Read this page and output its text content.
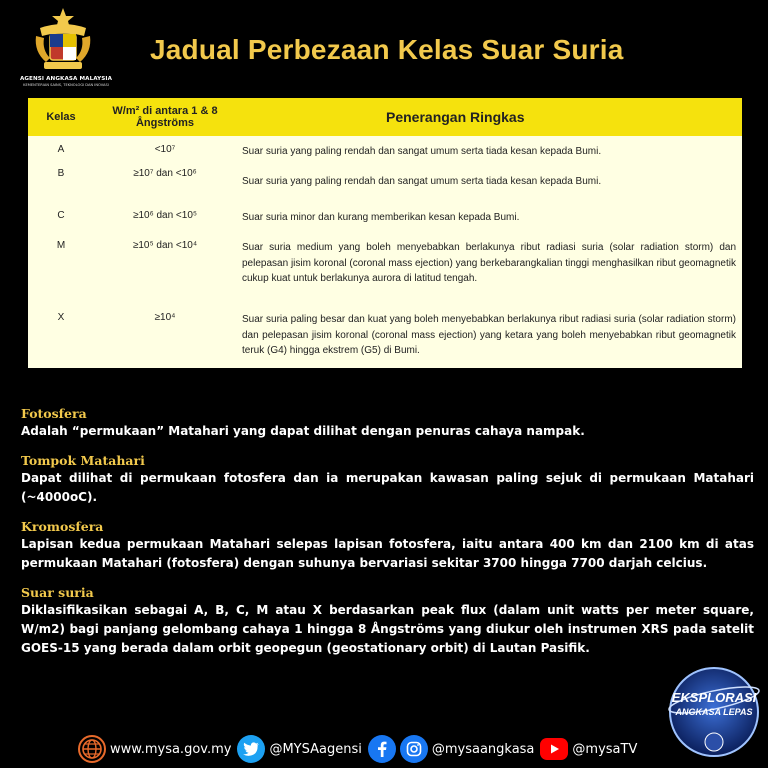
AGENSI ANGKASA MALAYSIA
KEMENTERIAN SAINS, TEKNOLOGI DAN INOVASI
Jadual Perbezaan Kelas Suar Suria
Kelas	W/m² di antara 1 & 8 Ångströms	Penerangan Ringkas
A	<10⁷	Suar suria yang paling rendah dan sangat umum serta tiada kesan kepada Bumi.
B	≥10⁷ dan <10⁶	Suar suria yang paling rendah dan sangat umum serta tiada kesan kepada Bumi.
C	≥10⁶ dan <10⁵	Suar suria minor dan kurang memberikan kesan kepada Bumi.
M	≥10⁵ dan <10⁴	Suar suria medium yang boleh menyebabkan berlakunya ribut radiasi suria (solar radiation storm) dan pelepasan jisim koronal (coronal mass ejection) yang berkebarangkalian tinggi menghasilkan ribut geomagnetik cukup kuat untuk berlakunya aurora di latitud tengah.
X	≥10⁴	Suar suria paling besar dan kuat yang boleh menyebabkan berlakunya ribut radiasi suria (solar radiation storm) dan pelepasan jisim koronal (coronal mass ejection) yang ketara yang boleh menyebabkan ribut geomagnetik teruk (G4) hingga ekstrem (G5) di Bumi.
Fotosfera
Adalah “permukaan” Matahari yang dapat dilihat dengan penuras cahaya nampak.
Tompok Matahari
Dapat dilihat di permukaan fotosfera dan ia merupakan kawasan paling sejuk di permukaan Matahari (~4000oC).
Kromosfera
Lapisan kedua permukaan Matahari selepas lapisan fotosfera, iaitu antara 400 km dan 2100 km di atas permukaan Matahari (fotosfera) dengan suhunya bervariasi sekitar 3700 hingga 7700 darjah celcius.
Suar suria
Diklasifikasikan sebagai A, B, C, M atau X berdasarkan peak flux (dalam unit watts per meter square, W/m2) bagi panjang gelombang cahaya 1 hingga 8 Ångströms yang diukur oleh instrumen XRS pada satelit GOES-15 yang berada dalam orbit geopegun (geostationary orbit) di Lautan Pasifik.
EKSPLORASI
ANGKASA LEPAS
www.mysa.gov.my	@MYSAagensi	@mysaangkasa	@mysaTV
